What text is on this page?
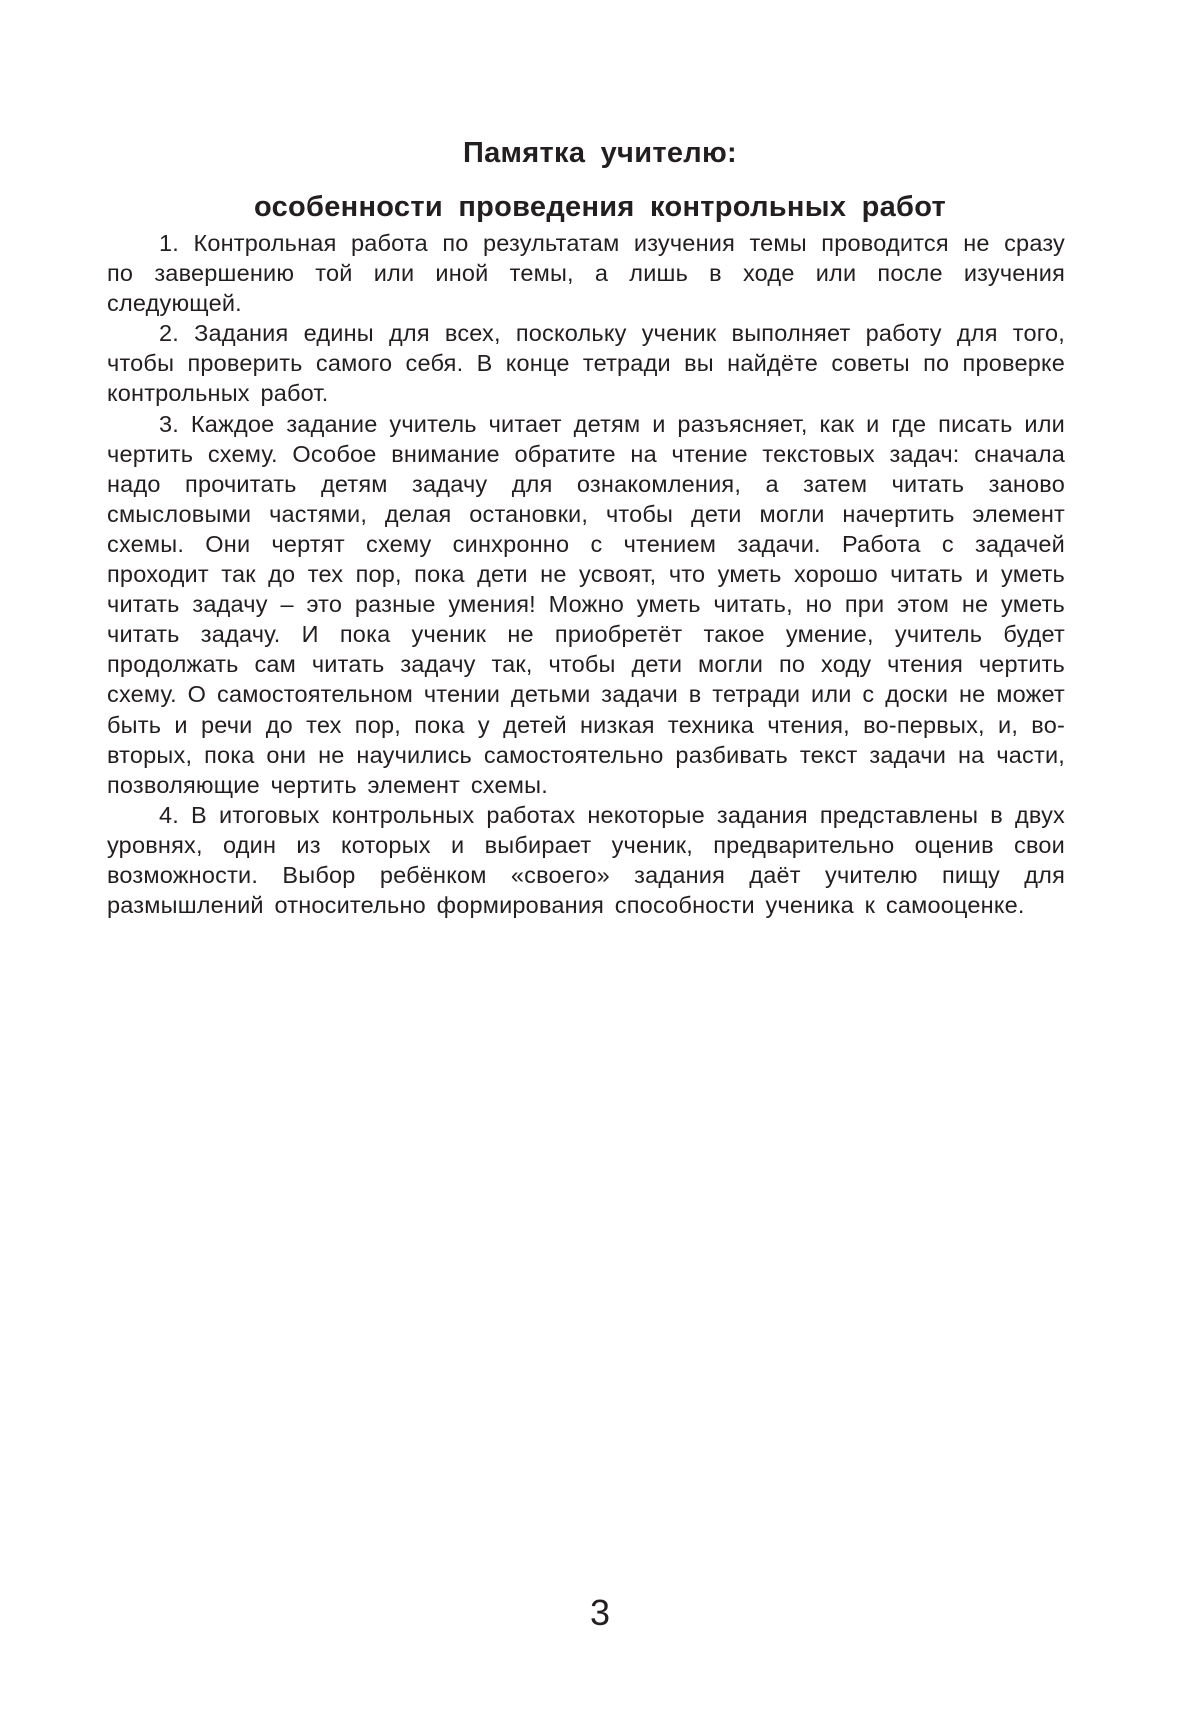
Памятка учителю:
особенности проведения контрольных работ

1. Контрольная работа по результатам изучения темы проводится не сразу по завершению той или иной темы, а лишь в ходе или после изучения следующей.

2. Задания едины для всех, поскольку ученик выполняет работу для того, чтобы проверить самого себя. В конце тетради вы найдёте советы по проверке контрольных работ.

3. Каждое задание учитель читает детям и разъясняет, как и где писать или чертить схему. Особое внимание обратите на чтение текстовых задач: сначала надо прочитать детям задачу для ознакомления, а затем читать заново смысловыми частями, делая остановки, чтобы дети могли начертить элемент схемы. Они чертят схему синхронно с чтением задачи. Работа с задачей проходит так до тех пор, пока дети не усвоят, что уметь хорошо читать и уметь читать задачу – это разные умения! Можно уметь читать, но при этом не уметь читать задачу. И пока ученик не приобретёт такое умение, учитель будет продолжать сам читать задачу так, чтобы дети могли по ходу чтения чертить схему. О самостоятельном чтении детьми задачи в тетради или с доски не может быть и речи до тех пор, пока у детей низкая техника чтения, во-первых, и, во-вторых, пока они не научились самостоятельно разбивать текст задачи на части, позволяющие чертить элемент схемы.

4. В итоговых контрольных работах некоторые задания представлены в двух уровнях, один из которых и выбирает ученик, предварительно оценив свои возможности. Выбор ребёнком «своего» задания даёт учителю пищу для размышлений относительно формирования способности ученика к самооценке.

3
